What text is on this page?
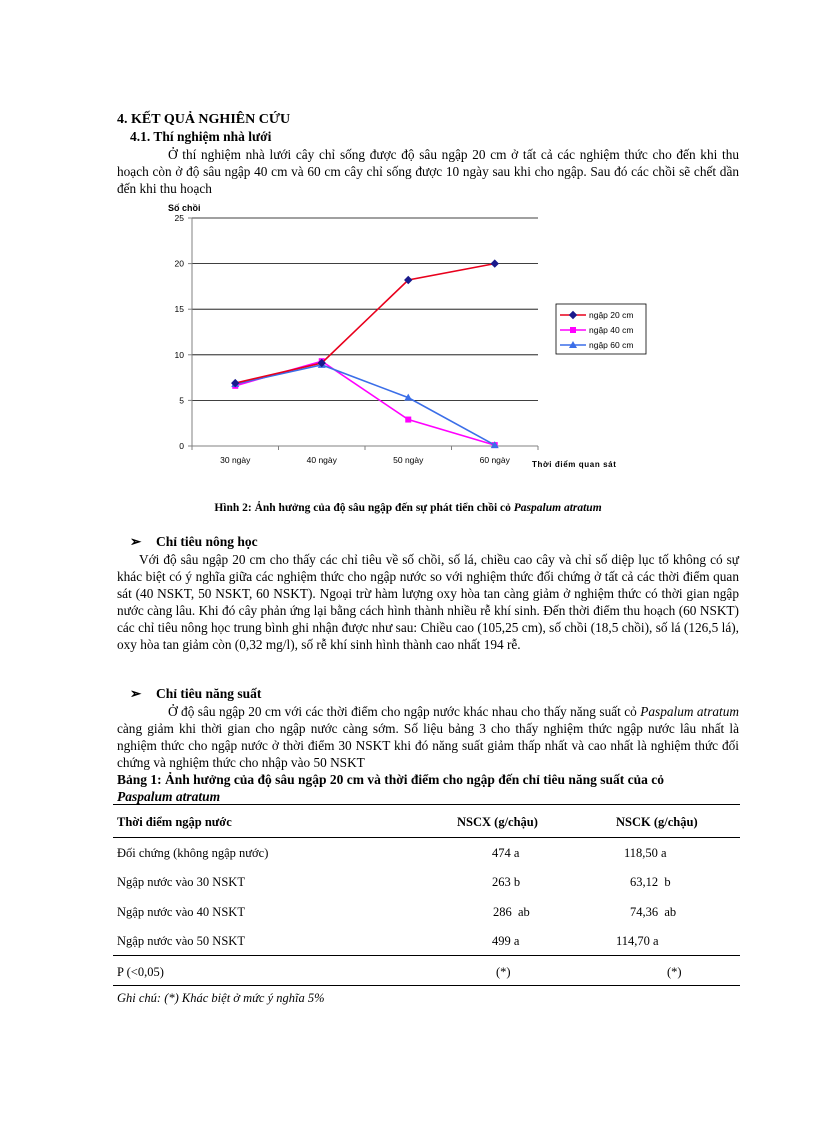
4. KẾT QUẢ NGHIÊN CỨU
4.1. Thí nghiệm nhà lưới
Ở thí nghiệm nhà lưới cây chỉ sống được độ sâu ngập 20 cm ở tất cả các nghiệm thức cho đến khi thu hoạch còn ở độ sâu ngập 40 cm và 60 cm cây chỉ sống được 10 ngày sau khi cho ngập. Sau đó các chồi sẽ chết dần đến khi thu hoạch
0
5
10
15
20
25
30 ngày	40 ngày	50 ngày	60 ngày
Số chồi
Thời điểm quan sát
ngập 20 cm
ngập 40 cm
ngập 60 cm
Hình 2: Ảnh hưởng của độ sâu ngập đến sự phát tiển chồi cỏ Paspalum atratum
➢ Chỉ tiêu nông học
Với độ sâu ngập 20 cm cho thấy các chỉ tiêu về số chồi, số lá, chiều cao cây và chỉ số diệp lục tố không có sự khác biệt có ý nghĩa giữa các nghiệm thức cho ngập nước so với nghiệm thức đối chứng ở tất cả các thời điểm quan sát (40 NSKT, 50 NSKT, 60 NSKT). Ngoại trừ hàm lượng oxy hòa tan càng giảm ở nghiệm thức có thời gian ngập nước càng lâu. Khi đó cây phản ứng lại bằng cách hình thành nhiều rễ khí sinh. Đến thời điểm thu hoạch (60 NSKT) các chỉ tiêu nông học trung bình ghi nhận được như sau: Chiều cao (105,25 cm), số chồi (18,5 chồi), số lá (126,5 lá), oxy hòa tan giảm còn (0,32 mg/l), số rễ khí sinh hình thành cao nhất 194 rễ.
➢ Chỉ tiêu năng suất
Ở độ sâu ngập 20 cm với các thời điểm cho ngập nước khác nhau cho thấy năng suất cỏ Paspalum atratum càng giảm khi thời gian cho ngập nước càng sớm. Số liệu bảng 3 cho thấy nghiệm thức ngập nước lâu nhất là nghiệm thức cho ngập nước ở thời điểm 30 NSKT khi đó năng suất giảm thấp nhất và cao nhất là nghiệm thức đối chứng và nghiệm thức cho nhập vào 50 NSKT
Bảng 1: Ảnh hưởng của độ sâu ngập 20 cm và thời điểm cho ngập đến chỉ tiêu năng suất của cỏ
Paspalum atratum
Thời điểm ngập nước	NSCX (g/chậu)	NSCK (g/chậu)
Đối chứng (không ngập nước)	474 a	118,50 a
Ngập nước vào 30 NSKT	263 b	63,12  b
Ngập nước vào 40 NSKT	286  ab	74,36  ab
Ngập nước vào 50 NSKT	499 a	114,70 a
P (<0,05)	(*)	(*)
Ghi chú: (*) Khác biệt ở mức ý nghĩa 5%
